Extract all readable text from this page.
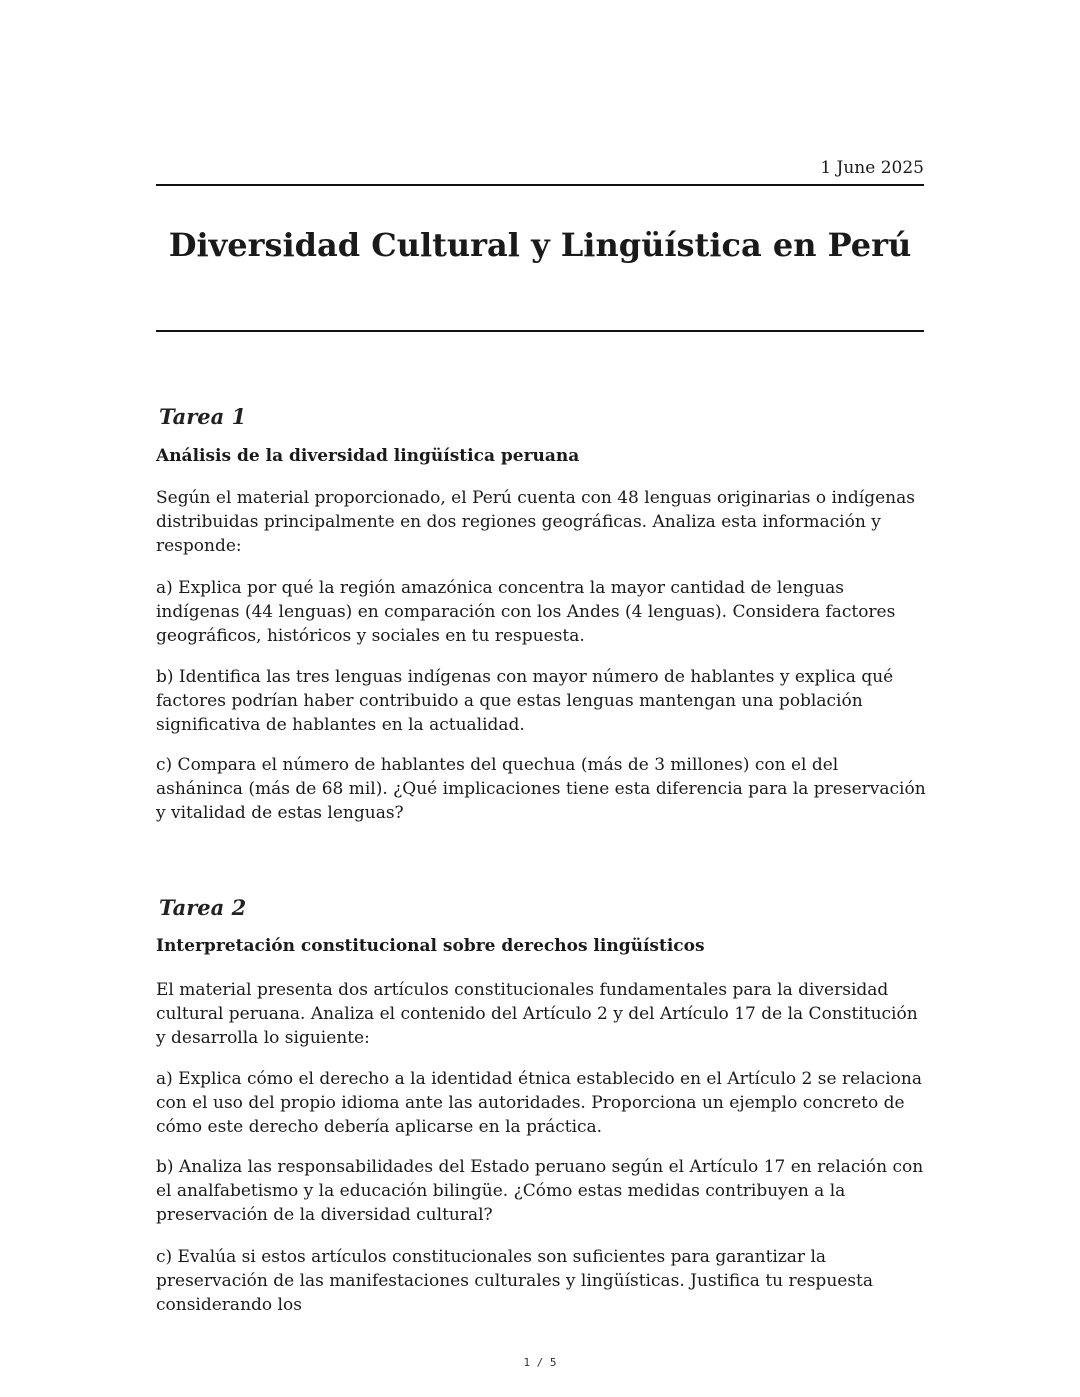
1 June 2025
Diversidad Cultural y Lingüística en Perú
Tarea 1
Análisis de la diversidad lingüística peruana

Según el material proporcionado, el Perú cuenta con 48 lenguas originarias o indígenas distribuidas principalmente en dos regiones geográficas. Analiza esta información y responde:

a) Explica por qué la región amazónica concentra la mayor cantidad de lenguas indígenas (44 lenguas) en comparación con los Andes (4 lenguas). Considera factores geográficos, históricos y sociales en tu respuesta.

b) Identifica las tres lenguas indígenas con mayor número de hablantes y explica qué factores podrían haber contribuido a que estas lenguas mantengan una población significativa de hablantes en la actualidad.

c) Compara el número de hablantes del quechua (más de 3 millones) con el del asháninca (más de 68 mil). ¿Qué implicaciones tiene esta diferencia para la preservación y vitalidad de estas lenguas?

Tarea 2
Interpretación constitucional sobre derechos lingüísticos

El material presenta dos artículos constitucionales fundamentales para la diversidad cultural peruana. Analiza el contenido del Artículo 2 y del Artículo 17 de la Constitución y desarrolla lo siguiente:

a) Explica cómo el derecho a la identidad étnica establecido en el Artículo 2 se relaciona con el uso del propio idioma ante las autoridades. Proporciona un ejemplo concreto de cómo este derecho debería aplicarse en la práctica.

b) Analiza las responsabilidades del Estado peruano según el Artículo 17 en relación con el analfabetismo y la educación bilingüe. ¿Cómo estas medidas contribuyen a la preservación de la diversidad cultural?

c) Evalúa si estos artículos constitucionales son suficientes para garantizar la preservación de las manifestaciones culturales y lingüísticas. Justifica tu respuesta considerando los

1 / 5
